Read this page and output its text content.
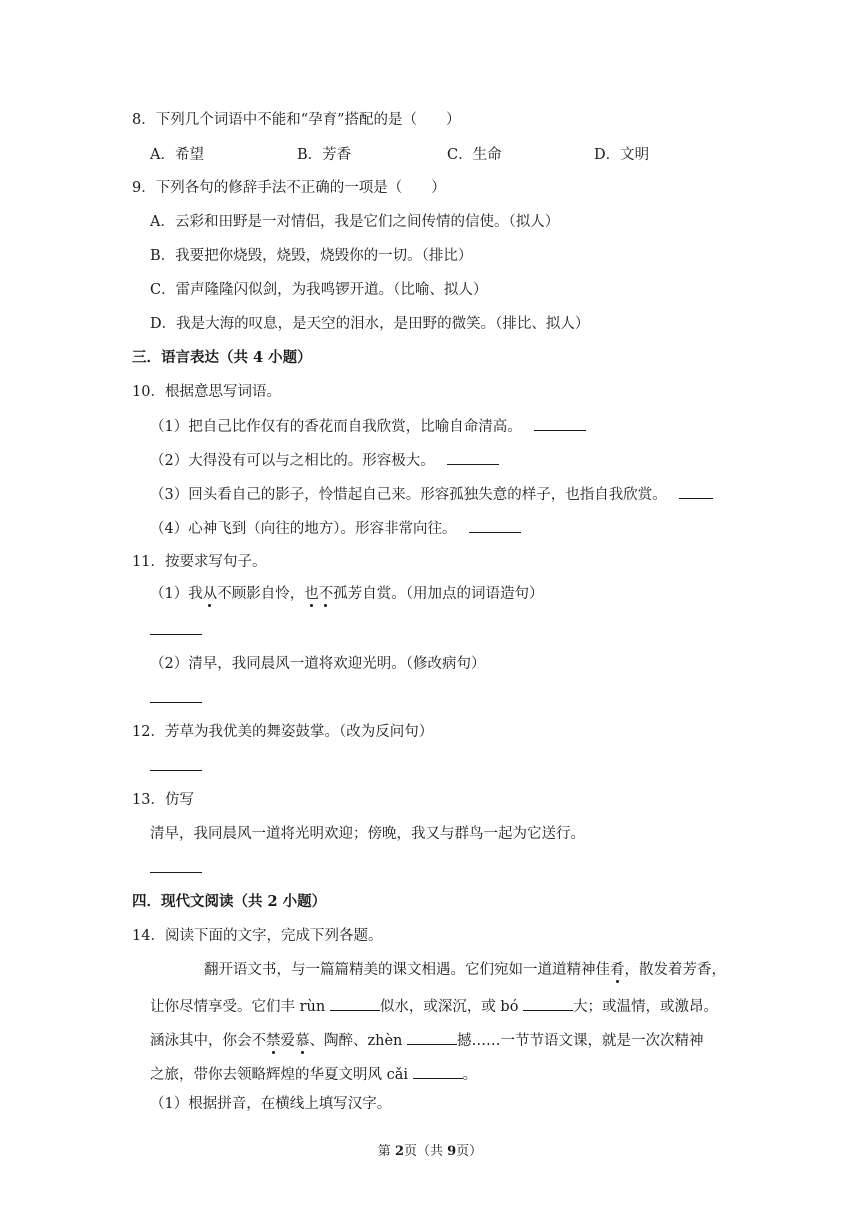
8．下列几个词语中不能和“孕育”搭配的是（　　）
A．希望	B．芳香	C．生命	D．文明
9．下列各句的修辞手法不正确的一项是（　　）
A．云彩和田野是一对情侣，我是它们之间传情的信使。（拟人）
B．我要把你烧毁，烧毁，烧毁你的一切。（排比）
C．雷声隆隆闪似剑，为我鸣锣开道。（比喻、拟人）
D．我是大海的叹息，是天空的泪水，是田野的微笑。（排比、拟人）
三．语言表达（共 4 小题）
10．根据意思写词语。
（1）把自己比作仅有的香花而自我欣赏，比喻自命清高。
（2）大得没有可以与之相比的。形容极大。
（3）回头看自己的影子，怜惜起自己来。形容孤独失意的样子，也指自我欣赏。
（4）心神飞到（向往的地方）。形容非常向往。
11．按要求写句子。
（1）我从不顾影自怜，也不孤芳自赏。（用加点的词语造句）
（2）清早，我同晨风一道将欢迎光明。（修改病句）
12．芳草为我优美的舞姿鼓掌。（改为反问句）
13．仿写
清早，我同晨风一道将光明欢迎；傍晚，我又与群鸟一起为它送行。
四．现代文阅读（共 2 小题）
14．阅读下面的文字，完成下列各题。
翻开语文书，与一篇篇精美的课文相遇。它们宛如一道道精神佳肴，散发着芳香，
让你尽情享受。它们丰 rùn	似水，或深沉，或 bó	大；或温情，或激昂。
涵泳其中，你会不禁爱慕、陶醉、zhèn	撼……一节节语文课，就是一次次精神
之旅，带你去领略辉煌的华夏文明风 cǎi	。
（1）根据拼音，在横线上填写汉字。
第 2页（共 9页）
